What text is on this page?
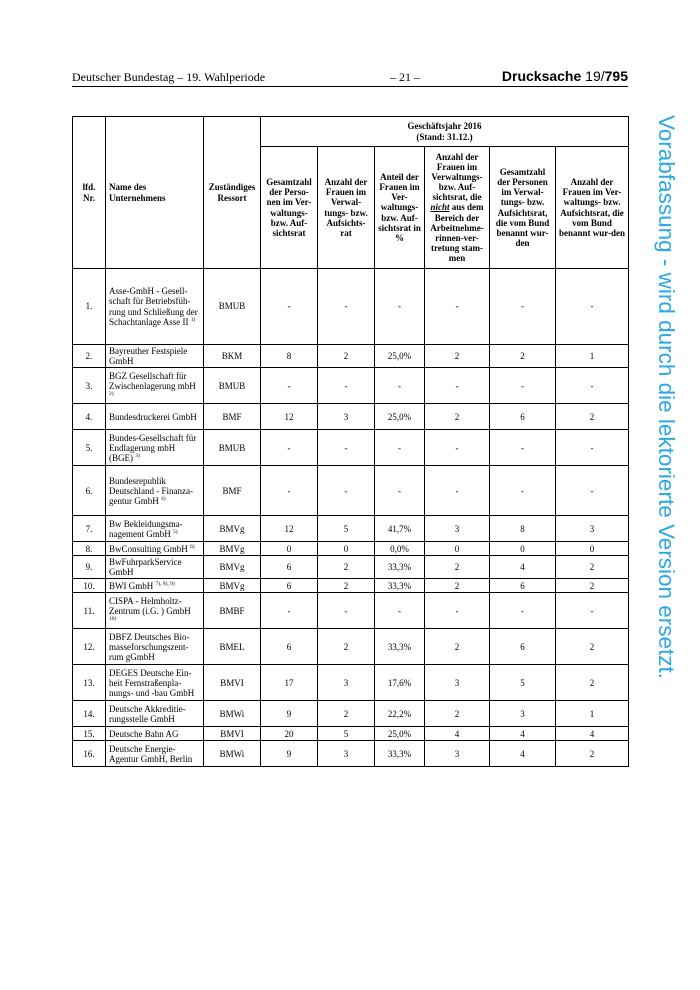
Deutscher Bundestag – 19. Wahlperiode	– 21 –	Drucksache 19/795
lfd. Nr.	Name des Unternehmens	Zuständiges Ressort	Geschäftsjahr 2016
(Stand: 31.12.)					
			Gesamtzahl der Perso-nen im Ver-waltungs- bzw. Auf-sichtsrat	Anzahl der Frauen im Verwal-tungs- bzw. Aufsichts-rat	Anteil der Frauen im Ver-waltungs- bzw. Auf-sichtsrat in %	Anzahl der Frauen im Verwaltungs- bzw. Auf-sichtsrat, die nicht aus dem Bereich der Arbeitnehme-rinnen-ver-tretung stam-men	Gesamtzahl der Personen im Verwal-tungs- bzw. Aufsichtsrat, die vom Bund benannt wur-den	Anzahl der Frauen im Ver-waltungs- bzw. Aufsichtsrat, die vom Bund benannt wur-den
1.	Asse-GmbH - Gesell-schaft für Betriebsfüh-rung und Schließung der Schachtanlage Asse II $^{1)}$	BMUB	-	-	-	-	-	-
2.	Bayreuther Festspiele GmbH	BKM	8	2	25,0%	2	2	1
3.	BGZ Gesellschaft für Zwischenlagerung mbH $^{2)}$	BMUB	-	-	-	-	-	-
4.	Bundesdruckerei GmbH	BMF	12	3	25,0%	2	6	2
5.	Bundes-Gesellschaft für Endlagerung mbH (BGE) $^{3)}$	BMUB	-	-	-	-	-	-
6.	Bundesrepublik Deutschland - Finanza-gentur GmbH $^{4)}$	BMF	-	-	-	-	-	-
7.	Bw Bekleidungsma-nagement GmbH $^{5)}$	BMVg	12	5	41,7%	3	8	3
8.	BwConsulting GmbH $^{6)}$	BMVg	0	0	0,0%	0	0	0
9.	BwFuhrparkService GmbH	BMVg	6	2	33,3%	2	4	2
10.	BWI GmbH $^{7), 8), 9)}$	BMVg	6	2	33,3%	2	6	2
11.	CISPA - Helmholtz-Zentrum (i.G. ) GmbH $^{10)}$	BMBF	-	-	-	-	-	-
12.	DBFZ Deutsches Bio-masseforschungszent-rum gGmbH	BMEL	6	2	33,3%	2	6	2
13.	DEGES Deutsche Ein-heit Fernstraßenpla-nungs- und -bau GmbH	BMVI	17	3	17,6%	3	5	2
14.	Deutsche Akkreditie-rungsstelle GmbH	BMWi	9	2	22,2%	2	3	1
15.	Deutsche Bahn AG	BMVI	20	5	25,0%	4	4	4
16.	Deutsche Energie-Agentur GmbH, Berlin	BMWi	9	3	33,3%	3	4	2
Vorabfassung - wird durch die lektorierte Version ersetzt.
